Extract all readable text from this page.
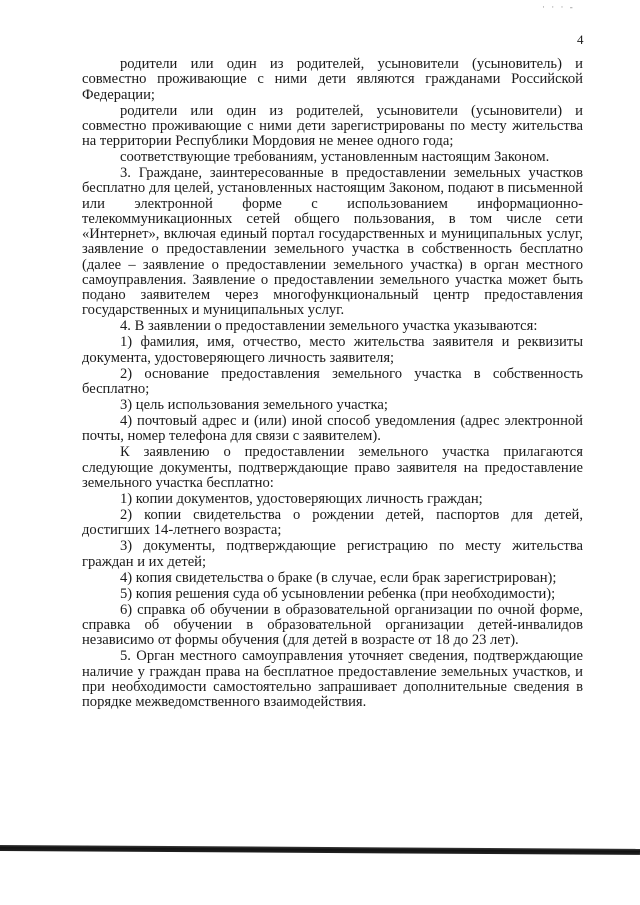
· · · -
4

родители или один из родителей, усыновители (усыновитель) и совместно проживающие с ними дети являются гражданами Российской Федерации;

родители или один из родителей, усыновители (усыновители) и совместно проживающие с ними дети зарегистрированы по месту жительства на территории Республики Мордовия не менее одного года;

соответствующие требованиям, установленным настоящим Законом.

3. Граждане, заинтересованные в предоставлении земельных участков бесплатно для целей, установленных настоящим Законом, подают в письменной или электронной форме с использованием информационно-телекоммуникационных сетей общего пользования, в том числе сети «Интернет», включая единый портал государственных и муниципальных услуг, заявление о предоставлении земельного участка в собственность бесплатно (далее – заявление о предоставлении земельного участка) в орган местного самоуправления. Заявление о предоставлении земельного участка может быть подано заявителем через многофункциональный центр предоставления государственных и муниципальных услуг.

4. В заявлении о предоставлении земельного участка указываются:

1) фамилия, имя, отчество, место жительства заявителя и реквизиты документа, удостоверяющего личность заявителя;

2) основание предоставления земельного участка в собственность бесплатно;

3) цель использования земельного участка;

4) почтовый адрес и (или) иной способ уведомления (адрес электронной почты, номер телефона для связи с заявителем).

К заявлению о предоставлении земельного участка прилагаются следующие документы, подтверждающие право заявителя на предоставление земельного участка бесплатно:

1) копии документов, удостоверяющих личность граждан;

2) копии свидетельства о рождении детей, паспортов для детей, достигших 14-летнего возраста;

3) документы, подтверждающие регистрацию по месту жительства граждан и их детей;

4) копия свидетельства о браке (в случае, если брак зарегистрирован);

5) копия решения суда об усыновлении ребенка (при необходимости);

6) справка об обучении в образовательной организации по очной форме, справка об обучении в образовательной организации детей-инвалидов независимо от формы обучения (для детей в возрасте от 18 до 23 лет).

5. Орган местного самоуправления уточняет сведения, подтверждающие наличие у граждан права на бесплатное предоставление земельных участков, и при необходимости самостоятельно запрашивает дополнительные сведения в порядке межведомственного взаимодействия.
